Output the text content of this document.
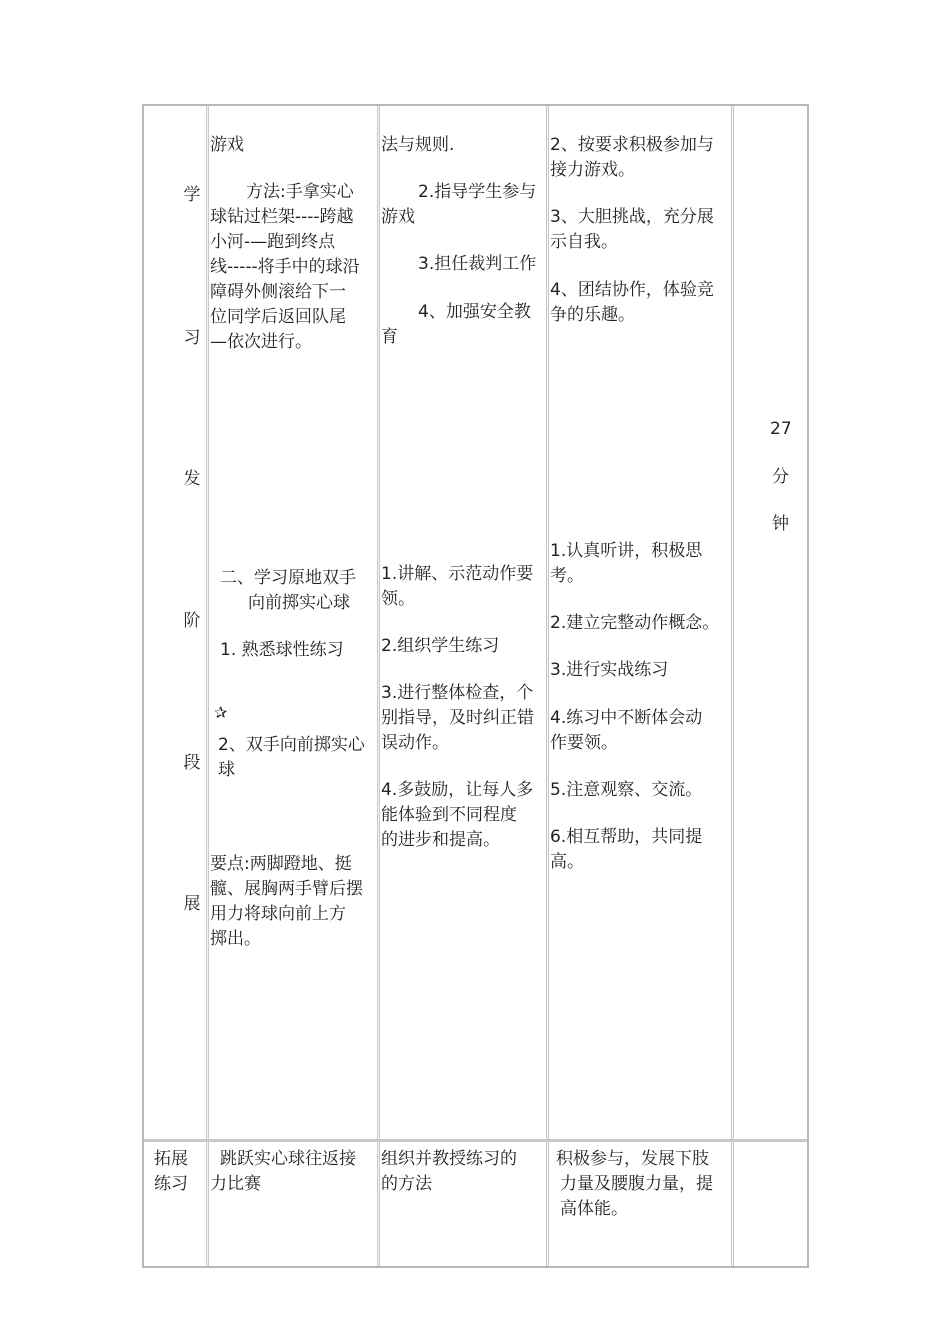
学
习
发
阶
段
展
游戏
方法:手拿实心
球钻过栏架----跨越
小河-—跑到终点
线-----将手中的球沿
障碍外侧滚给下一
位同学后返回队尾
—依次进行。
二、学习原地双手
向前掷实心球
1. 熟悉球性练习
✰
2、双手向前掷实心
球
要点:两脚蹬地、挺
髋、展胸两手臂后摆
用力将球向前上方
掷出。
法与规则.
2.指导学生参与
游戏
3.担任裁判工作
4、加强安全教
育
1.讲解、示范动作要
领。
2.组织学生练习
3.进行整体检查，个
别指导，及时纠正错
误动作。
4.多鼓励，让每人多
能体验到不同程度
的进步和提高。
2、按要求积极参加与
接力游戏。
3、大胆挑战，充分展
示自我。
4、团结协作，体验竞
争的乐趣。
1.认真听讲，积极思
考。
2.建立完整动作概念。
3.进行实战练习
4.练习中不断体会动
作要领。
5.注意观察、交流。
6.相互帮助，共同提
高。
27
分
钟
拓展
练习
跳跃实心球往返接
力比赛
组织并教授练习的
的方法
积极参与，发展下肢
力量及腰腹力量，提
高体能。
